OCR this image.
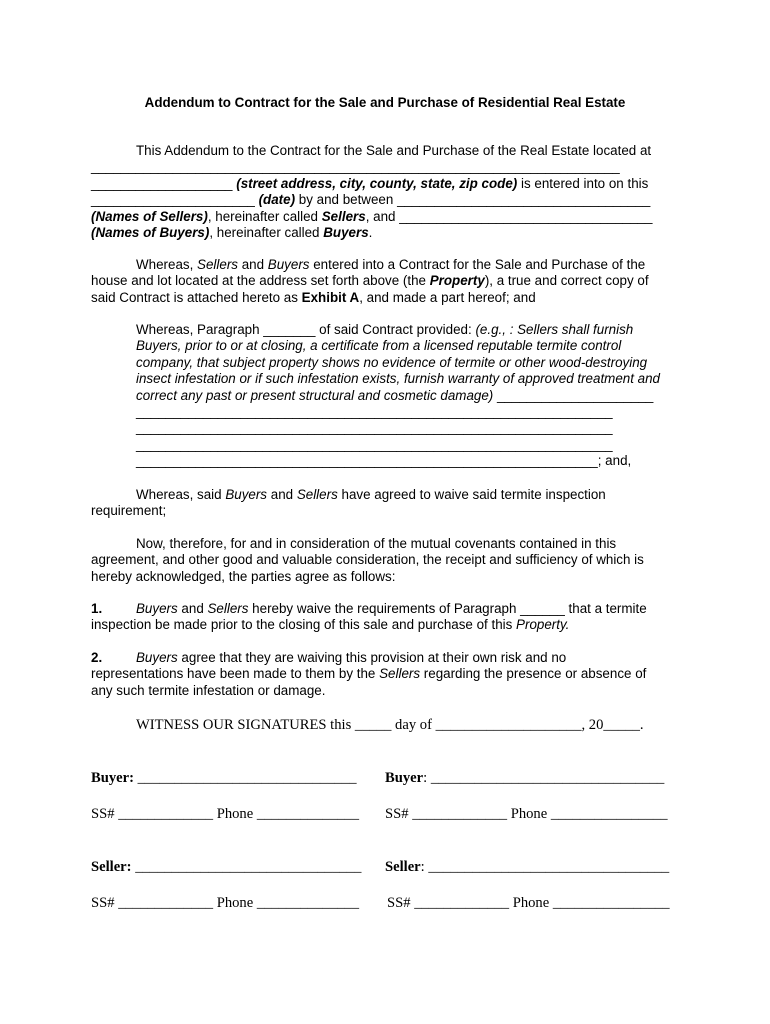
Addendum to Contract for the Sale and Purchase of Residential Real Estate
This Addendum to the Contract for the Sale and Purchase of the Real Estate located at
_______________________________________________________________________
___________________ (street address, city, county, state, zip code) is entered into on this
______________________ (date) by and between __________________________________
(Names of Sellers), hereinafter called Sellers, and __________________________________
(Names of Buyers), hereinafter called Buyers.
Whereas, Sellers and Buyers entered into a Contract for the Sale and Purchase of the
house and lot located at the address set forth above (the Property), a true and correct copy of
said Contract is attached hereto as Exhibit A, and made a part hereof; and
Whereas, Paragraph _______ of said Contract provided: (e.g., : Sellers shall furnish
Buyers, prior to or at closing, a certificate from a licensed reputable termite control
company, that subject property shows no evidence of termite or other wood-destroying
insect infestation or if such infestation exists, furnish warranty of approved treatment and
correct any past or present structural and cosmetic damage) _____________________
________________________________________________________________
________________________________________________________________
________________________________________________________________
______________________________________________________________; and,
Whereas, said Buyers and Sellers have agreed to waive said termite inspection
requirement;
Now, therefore, for and in consideration of the mutual covenants contained in this
agreement, and other good and valuable consideration, the receipt and sufficiency of which is
hereby acknowledged, the parties agree as follows:
1.	Buyers and Sellers hereby waive the requirements of Paragraph ______ that a termite
inspection be made prior to the closing of this sale and purchase of this Property.
2.	Buyers agree that they are waiving this provision at their own risk and no
representations have been made to them by the Sellers regarding the presence or absence of
any such termite infestation or damage.
WITNESS OUR SIGNATURES this _____ day of ____________________, 20_____.
Buyer: ______________________________ Buyer: ________________________________
SS# _____________ Phone ______________ SS# _____________ Phone ________________
Seller: _______________________________ Seller: _________________________________
SS# _____________ Phone ______________ SS# _____________ Phone ________________
